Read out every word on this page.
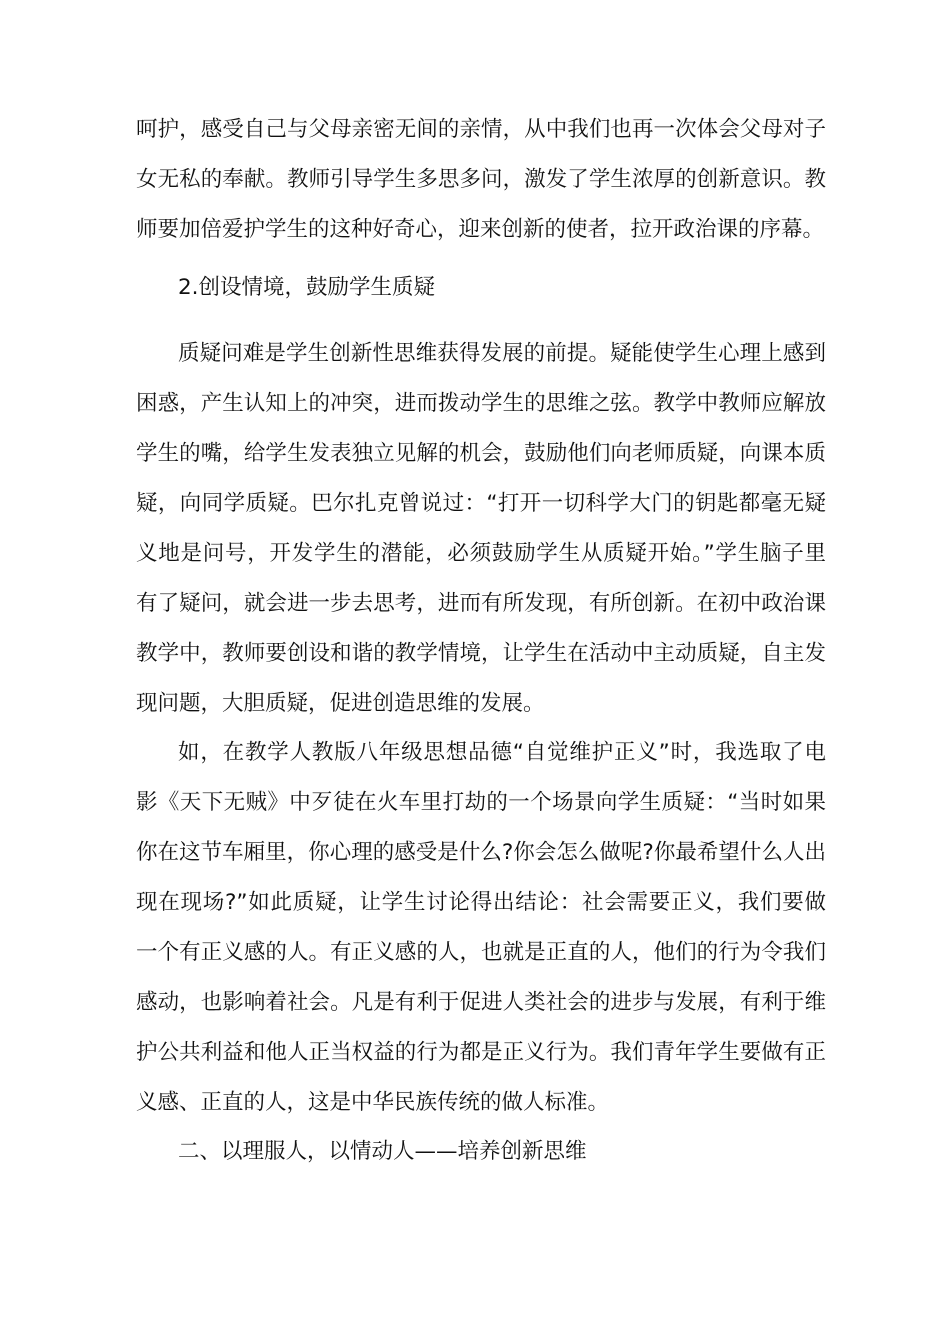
呵护，感受自己与父母亲密无间的亲情，从中我们也再一次体会父母对子
女无私的奉献。教师引导学生多思多问，激发了学生浓厚的创新意识。教
师要加倍爱护学生的这种好奇心，迎来创新的使者，拉开政治课的序幕。
2.创设情境，鼓励学生质疑
质疑问难是学生创新性思维获得发展的前提。疑能使学生心理上感到
困惑，产生认知上的冲突，进而拨动学生的思维之弦。教学中教师应解放
学生的嘴，给学生发表独立见解的机会，鼓励他们向老师质疑，向课本质
疑，向同学质疑。巴尔扎克曾说过：“打开一切科学大门的钥匙都毫无疑
义地是问号，开发学生的潜能，必须鼓励学生从质疑开始。”学生脑子里
有了疑问，就会进一步去思考，进而有所发现，有所创新。在初中政治课
教学中，教师要创设和谐的教学情境，让学生在活动中主动质疑，自主发
现问题，大胆质疑，促进创造思维的发展。
如，在教学人教版八年级思想品德“自觉维护正义”时，我选取了电
影《天下无贼》中歹徒在火车里打劫的一个场景向学生质疑：“当时如果
你在这节车厢里，你心理的感受是什么?你会怎么做呢?你最希望什么人出
现在现场?”如此质疑，让学生讨论得出结论：社会需要正义，我们要做
一个有正义感的人。有正义感的人，也就是正直的人，他们的行为令我们
感动，也影响着社会。凡是有利于促进人类社会的进步与发展，有利于维
护公共利益和他人正当权益的行为都是正义行为。我们青年学生要做有正
义感、正直的人，这是中华民族传统的做人标准。
二、以理服人，以情动人——培养创新思维
